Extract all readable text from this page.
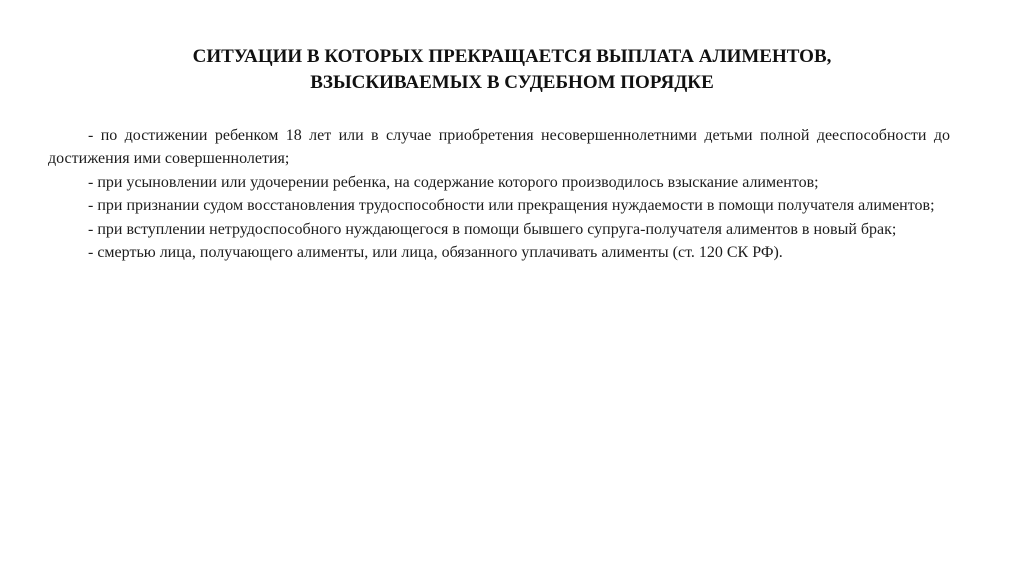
СИТУАЦИИ В КОТОРЫХ ПРЕКРАЩАЕТСЯ ВЫПЛАТА АЛИМЕНТОВ,
ВЗЫСКИВАЕМЫХ В СУДЕБНОМ ПОРЯДКЕ

- по достижении ребенком 18 лет или в случае приобретения несовершеннолетними детьми полной дееспособности до достижения ими совершеннолетия;

- при усыновлении или удочерении ребенка, на содержание которого производилось взыскание алиментов;

- при признании судом восстановления трудоспособности или прекращения нуждаемости в помощи получателя алиментов;

- при вступлении нетрудоспособного нуждающегося в помощи бывшего супруга-получателя алиментов в новый брак;

- смертью лица, получающего алименты, или лица, обязанного уплачивать алименты (ст. 120 СК РФ).
